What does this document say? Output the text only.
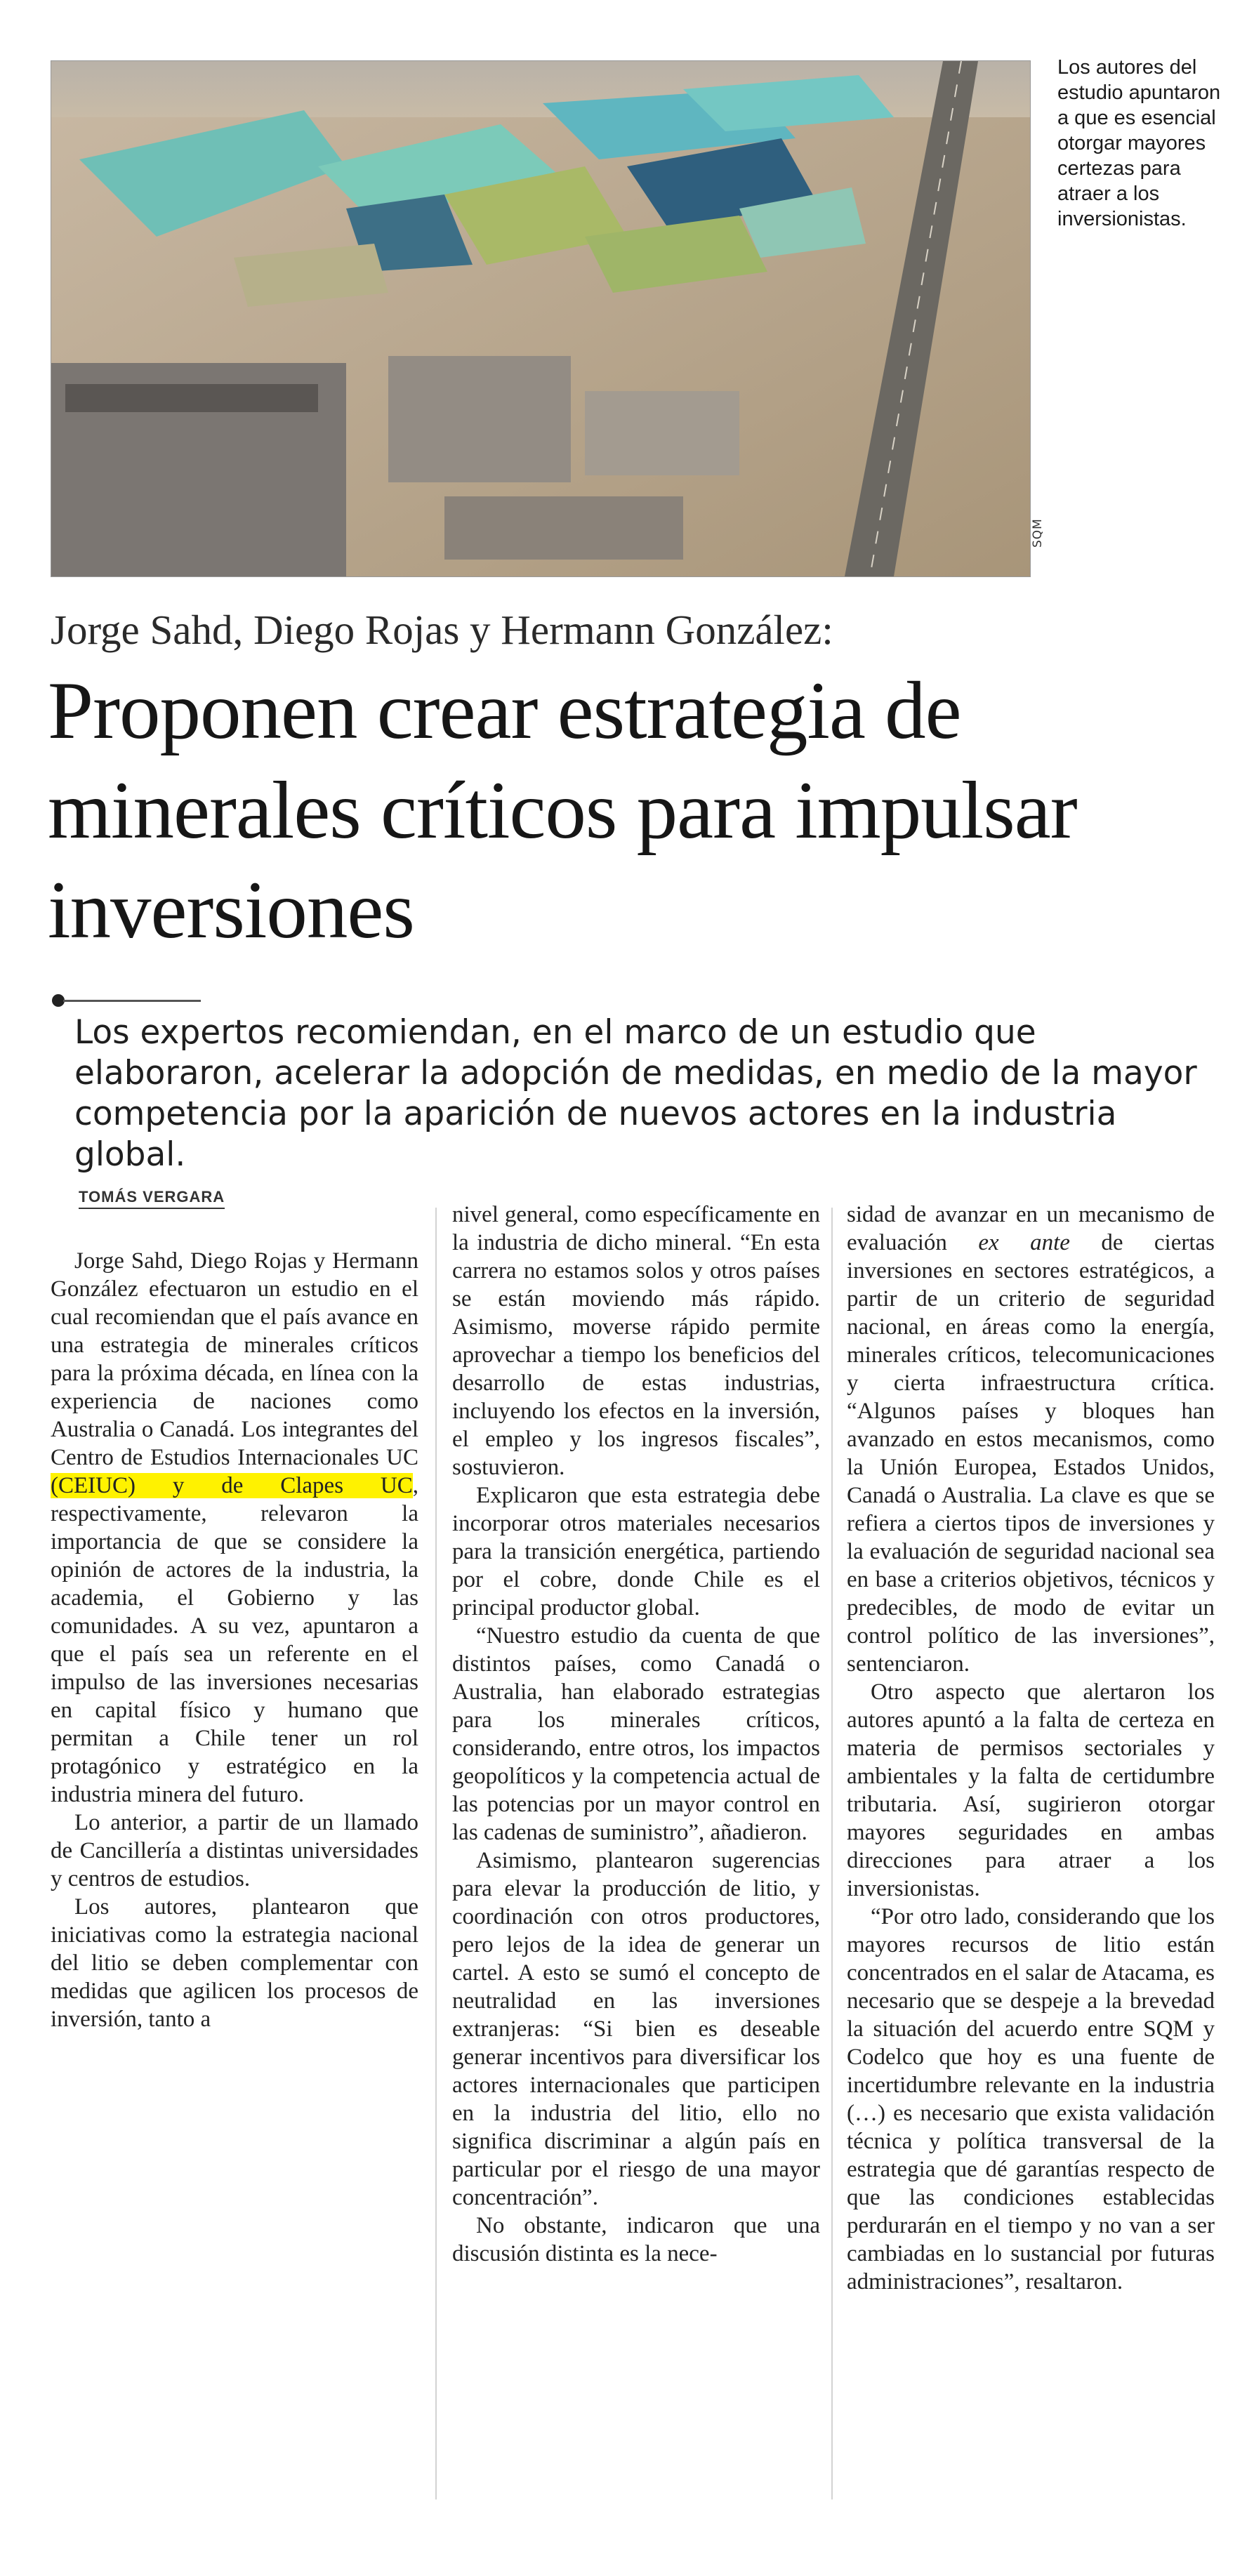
SQM
Los autores del estudio apuntaron a que es esencial otorgar mayores certezas para atraer a los inversionistas.
Jorge Sahd, Diego Rojas y Hermann González:
Proponen crear estrategia de minerales críticos para impulsar inversiones
Los expertos recomiendan, en el marco de un estudio que elaboraron, acelerar la adopción de medidas, en medio de la mayor competencia por la aparición de nuevos actores en la industria global.
TOMÁS VERGARA

Jorge Sahd, Diego Rojas y Hermann González efectuaron un estudio en el cual recomiendan que el país avance en una estrategia de minerales críticos para la próxima década, en línea con la experiencia de naciones como Australia o Canadá. Los integrantes del Centro de Estudios Internacionales UC (CEIUC) y de Clapes UC, respectivamente, relevaron la importancia de que se considere la opinión de actores de la industria, la academia, el Gobierno y las comunidades. A su vez, apuntaron a que el país sea un referente en el impulso de las inversiones necesarias en capital físico y humano que permitan a Chile tener un rol protagónico y estratégico en la industria minera del futuro.

Lo anterior, a partir de un llamado de Cancillería a distintas universidades y centros de estudios.

Los autores, plantearon que iniciativas como la estrategia nacional del litio se deben complementar con medidas que agilicen los procesos de inversión, tanto a

nivel general, como específicamente en la industria de dicho mineral. “En esta carrera no estamos solos y otros países se están moviendo más rápido. Asimismo, moverse rápido permite aprovechar a tiempo los beneficios del desarrollo de estas industrias, incluyendo los efectos en la inversión, el empleo y los ingresos fiscales”, sostuvieron.

Explicaron que esta estrategia debe incorporar otros materiales necesarios para la transición energética, partiendo por el cobre, donde Chile es el principal productor global.

“Nuestro estudio da cuenta de que distintos países, como Canadá o Australia, han elaborado estrategias para los minerales críticos, considerando, entre otros, los impactos geopolíticos y la competencia actual de las potencias por un mayor control en las cadenas de suministro”, añadieron.

Asimismo, plantearon sugerencias para elevar la producción de litio, y coordinación con otros productores, pero lejos de la idea de generar un cartel. A esto se sumó el concepto de neutralidad en las inversiones extranjeras: “Si bien es deseable generar incentivos para diversificar los actores internacionales que participen en la industria del litio, ello no significa discriminar a algún país en particular por el riesgo de una mayor concentración”.

No obstante, indicaron que una discusión distinta es la nece-

sidad de avanzar en un mecanismo de evaluación ex ante de ciertas inversiones en sectores estratégicos, a partir de un criterio de seguridad nacional, en áreas como la energía, minerales críticos, telecomunicaciones y cierta infraestructura crítica. “Algunos países y bloques han avanzado en estos mecanismos, como la Unión Europea, Estados Unidos, Canadá o Australia. La clave es que se refiera a ciertos tipos de inversiones y la evaluación de seguridad nacional sea en base a criterios objetivos, técnicos y predecibles, de modo de evitar un control político de las inversiones”, sentenciaron.

Otro aspecto que alertaron los autores apuntó a la falta de certeza en materia de permisos sectoriales y ambientales y la falta de certidumbre tributaria. Así, sugirieron otorgar mayores seguridades en ambas direcciones para atraer a los inversionistas.

“Por otro lado, considerando que los mayores recursos de litio están concentrados en el salar de Atacama, es necesario que se despeje a la brevedad la situación del acuerdo entre SQM y Codelco que hoy es una fuente de incertidumbre relevante en la industria (…) es necesario que exista validación técnica y política transversal de la estrategia que dé garantías respecto de que las condiciones establecidas perdurarán en el tiempo y no van a ser cambiadas en lo sustancial por futuras administraciones”, resaltaron.
